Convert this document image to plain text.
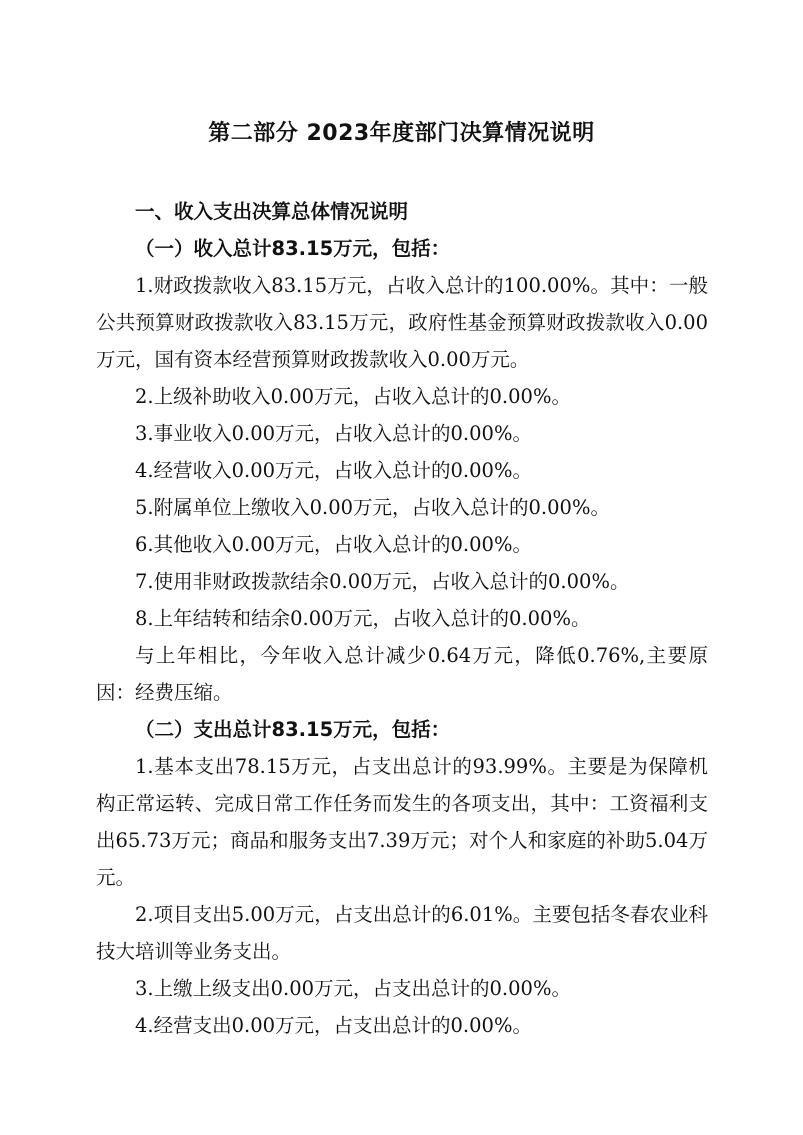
第二部分 2023年度部门决算情况说明

一、收入支出决算总体情况说明

（一）收入总计83.15万元，包括：

1.财政拨款收入83.15万元，占收入总计的100.00%。其中：一般公共预算财政拨款收入83.15万元，政府性基金预算财政拨款收入0.00万元，国有资本经营预算财政拨款收入0.00万元。

2.上级补助收入0.00万元，占收入总计的0.00%。

3.事业收入0.00万元，占收入总计的0.00%。

4.经营收入0.00万元，占收入总计的0.00%。

5.附属单位上缴收入0.00万元，占收入总计的0.00%。

6.其他收入0.00万元，占收入总计的0.00%。

7.使用非财政拨款结余0.00万元，占收入总计的0.00%。

8.上年结转和结余0.00万元，占收入总计的0.00%。

与上年相比，今年收入总计减少0.64万元，降低0.76%,主要原因：经费压缩。

（二）支出总计83.15万元，包括：

1.基本支出78.15万元，占支出总计的93.99%。主要是为保障机构正常运转、完成日常工作任务而发生的各项支出，其中：工资福利支出65.73万元；商品和服务支出7.39万元；对个人和家庭的补助5.04万元。

2.项目支出5.00万元，占支出总计的6.01%。主要包括冬春农业科技大培训等业务支出。

3.上缴上级支出0.00万元，占支出总计的0.00%。

4.经营支出0.00万元，占支出总计的0.00%。
